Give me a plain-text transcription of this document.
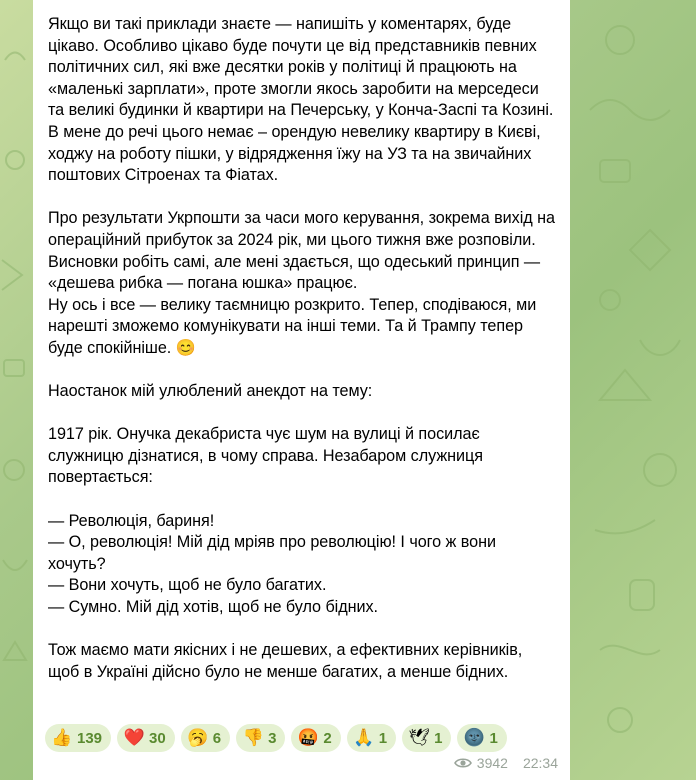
Якщо ви такі приклади знаєте — напишіть у коментарях, буде цікаво. Особливо цікаво буде почути це від представників певних політичних сил, які вже десятки років у політиці й працюють на «маленькі зарплати», проте змогли якось заробити на мерседеси та великі будинки й квартири на Печерську, у Конча-Заспі та Козині. В мене до речі цього немає – орендую невелику квартиру в Києві, ходжу на роботу пішки, у відрядження їжу на УЗ та на звичайних поштових Сітроенах та Фіатах.

Про результати Укрпошти за часи мого керування, зокрема вихід на операційний прибуток за 2024 рік, ми цього тижня вже розповіли. Висновки робіть самі, але мені здається, що одеський принцип — «дешева рибка — погана юшка» працює.
Ну ось і все — велику таємницю розкрито. Тепер, сподіваюся, ми нарешті зможемо комунікувати на інші теми. Та й Трампу тепер буде спокійніше. 😊

Наостанок мій улюблений анекдот на тему:

1917 рік. Онучка декабриста чує шум на вулиці й посилає служницю дізнатися, в чому справа. Незабаром служниця повертається:

— Революція, бариня!
— О, революція! Мій дід мріяв про революцію! І чого ж вони хочуть?
— Вони хочуть, щоб не було багатих.
— Сумно. Мій дід хотів, щоб не було бідних.

Тож маємо мати якісних і не дешевих, а ефективних керівників, щоб в Україні дійсно було не менше багатих, а менше бідних.

👍 139 ❤️ 30 🥱 6 👎 3 🤬 2 🙏 1 🕊 1 🌚 1
3942 22:34
